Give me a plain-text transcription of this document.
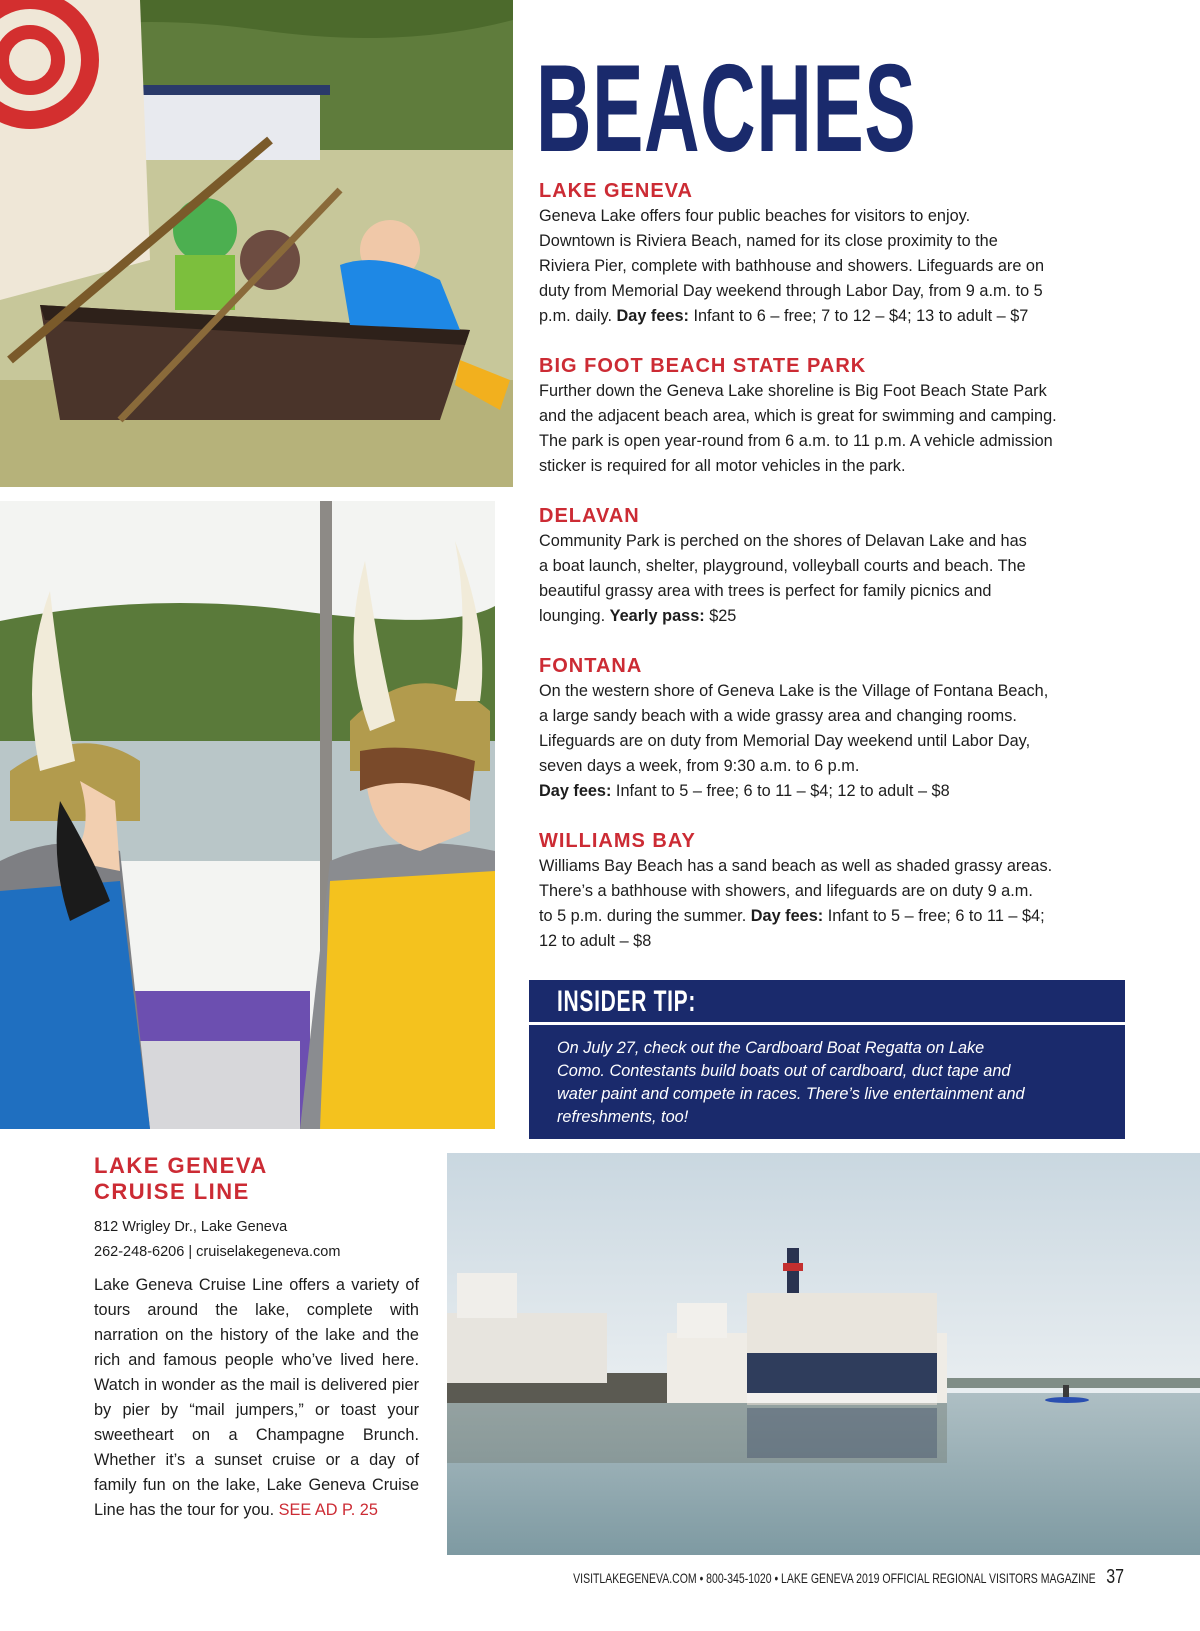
BEACHES
LAKE GENEVA

Geneva Lake offers four public beaches for visitors to enjoy.
Downtown is Riviera Beach, named for its close proximity to the
Riviera Pier, complete with bathhouse and showers. Lifeguards are on
duty from Memorial Day weekend through Labor Day, from 9 a.m. to 5
p.m. daily. Day fees: Infant to 6 – free; 7 to 12 – $4; 13 to adult – $7

BIG FOOT BEACH STATE PARK

Further down the Geneva Lake shoreline is Big Foot Beach State Park
and the adjacent beach area, which is great for swimming and camping.
The park is open year-round from 6 a.m. to 11 p.m. A vehicle admission
sticker is required for all motor vehicles in the park.

DELAVAN

Community Park is perched on the shores of Delavan Lake and has
a boat launch, shelter, playground, volleyball courts and beach. The
beautiful grassy area with trees is perfect for family picnics and
lounging. Yearly pass: $25

FONTANA

On the western shore of Geneva Lake is the Village of Fontana Beach,
a large sandy beach with a wide grassy area and changing rooms.
Lifeguards are on duty from Memorial Day weekend until Labor Day,
seven days a week, from 9:30 a.m. to 6 p.m.
Day fees: Infant to 5 – free; 6 to 11 – $4; 12 to adult – $8

WILLIAMS BAY

Williams Bay Beach has a sand beach as well as shaded grassy areas.
There’s a bathhouse with showers, and lifeguards are on duty 9 a.m.
to 5 p.m. during the summer. Day fees: Infant to 5 – free; 6 to 11 – $4;
12 to adult – $8

INSIDER TIP:
On July 27, check out the Cardboard Boat Regatta on Lake
Como. Contestants build boats out of cardboard, duct tape and
water paint and compete in races. There’s live entertainment and
refreshments, too!
LAKE GENEVA
CRUISE LINE

812 Wrigley Dr., Lake Geneva
262-248-6206 | cruiselakegeneva.com

Lake Geneva Cruise Line offers a variety of tours around the lake, complete with narration on the history of the lake and the rich and famous people who’ve lived here. Watch in wonder as the mail is delivered pier by pier by “mail jumpers,” or toast your sweetheart on a Champagne Brunch. Whether it’s a sunset cruise or a day of family fun on the lake, Lake Geneva Cruise Line has the tour for you. SEE AD P. 25

VISITLAKEGENEVA.COM • 800-345-1020 • LAKE GENEVA 2019 OFFICIAL REGIONAL VISITORS MAGAZINE 37
